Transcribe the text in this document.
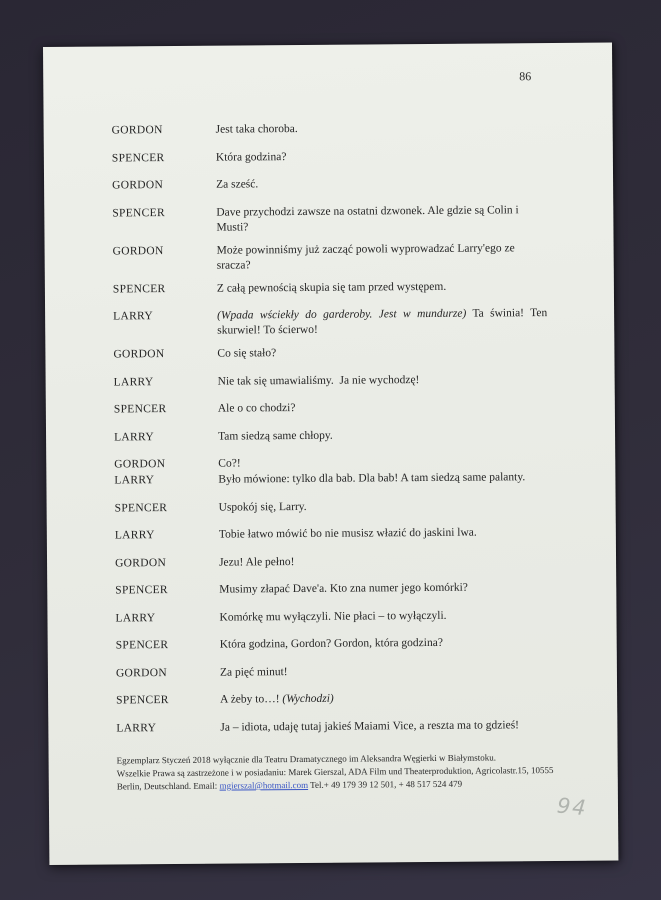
86
GORDON	Jest taka choroba.
SPENCER	Która godzina?
GORDON	Za sześć.
SPENCER	Dave przychodzi zawsze na ostatni dzwonek. Ale gdzie są Colin i
Musti?
GORDON	Może powinniśmy już zacząć powoli wyprowadzać Larry'ego ze
sracza?
SPENCER	Z całą pewnością skupia się tam przed występem.
LARRY	(Wpada wściekły do garderoby. Jest w mundurze) Ta świnia! Ten
skurwiel! To ścierwo!
GORDON	Co się stało?
LARRY	Nie tak się umawialiśmy.  Ja nie wychodzę!
SPENCER	Ale o co chodzi?
LARRY	Tam siedzą same chłopy.
GORDON	Co?!
LARRY	Było mówione: tylko dla bab. Dla bab! A tam siedzą same palanty.
SPENCER	Uspokój się, Larry.
LARRY	Tobie łatwo mówić bo nie musisz włazić do jaskini lwa.
GORDON	Jezu! Ale pełno!
SPENCER	Musimy złapać Dave'a. Kto zna numer jego komórki?
LARRY	Komórkę mu wyłączyli. Nie płaci – to wyłączyli.
SPENCER	Która godzina, Gordon? Gordon, która godzina?
GORDON	Za pięć minut!
SPENCER	A żeby to…! (Wychodzi)
LARRY	Ja – idiota, udaję tutaj jakieś Maiami Vice, a reszta ma to gdzieś!
Egzemplarz Styczeń 2018 wyłącznie dla Teatru Dramatycznego im Aleksandra Węgierki w Białymstoku.
Wszelkie Prawa są zastrzeżone i w posiadaniu: Marek Gierszal, ADA Film und Theaterproduktion, Agricolastr.15, 10555
Berlin, Deutschland. Email: mgierszal@hotmail.com Tel.+ 49 179 39 12 501, + 48 517 524 479
94
